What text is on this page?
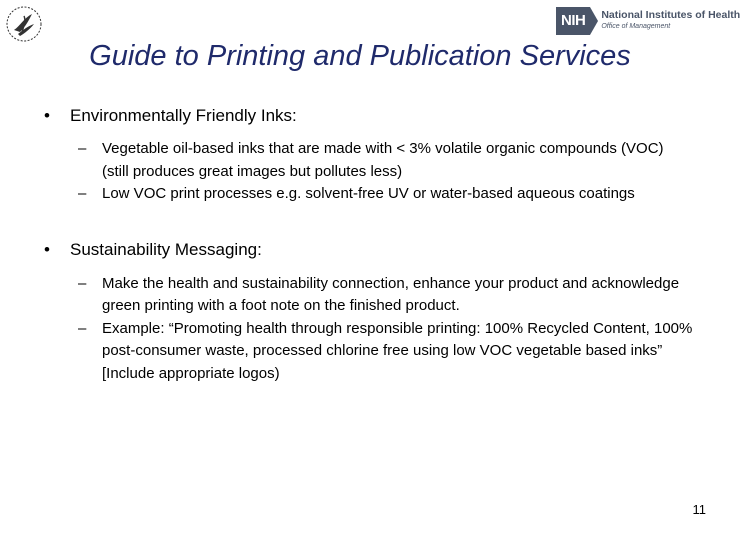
NIH	National Institutes of Health
Office of Management
Guide to Printing and Publication Services
•	Environmentally Friendly Inks:
–	Vegetable oil-based inks that are made with < 3% volatile organic compounds (VOC) (still produces great images but pollutes less)
–	Low VOC print processes e.g. solvent-free UV or water-based aqueous coatings
•	Sustainability Messaging:
–	Make the health and sustainability connection, enhance your product and acknowledge green printing with a foot note on the finished product.
–	Example: “Promoting health through responsible printing: 100% Recycled Content, 100% post-consumer waste, processed chlorine free using low VOC vegetable based inks” [Include appropriate logos)
11
